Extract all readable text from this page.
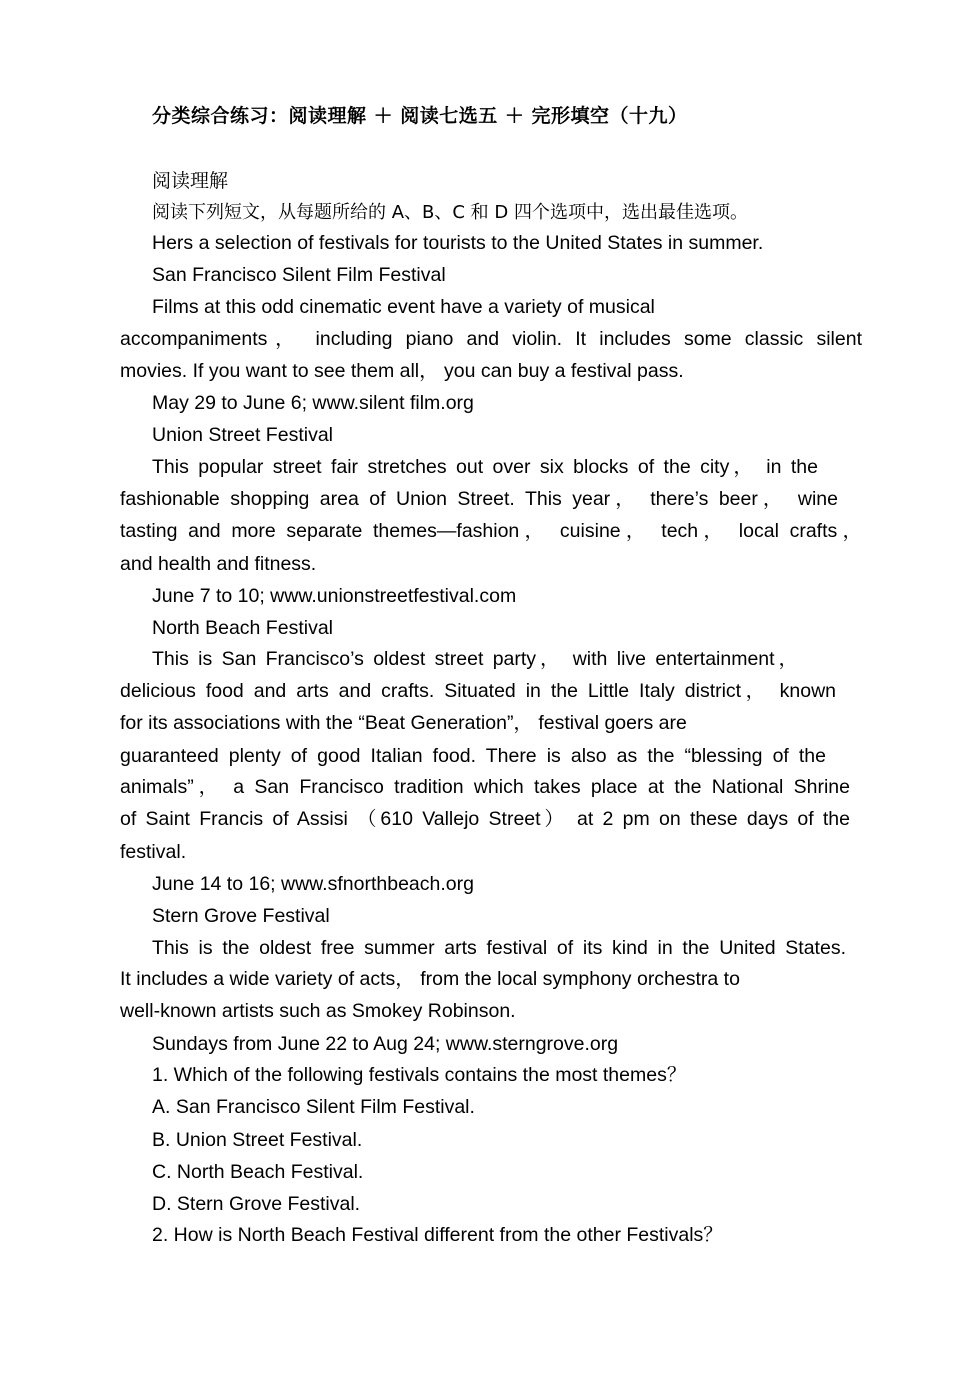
分类综合练习：阅读理解 ＋ 阅读七选五 ＋ 完形填空（十九）
阅读理解
阅读下列短文，从每题所给的 A、B、C 和 D 四个选项中，选出最佳选项。
Hers a selection of festivals for tourists to the United States in summer.
San Francisco Silent Film Festival
Films at this odd cinematic event have a variety of musical
accompaniments， including piano and violin. It includes some classic silent
movies. If you want to see them all， you can buy a festival pass.
May 29 to June 6; www.silent film.org
Union Street Festival
This popular street fair stretches out over six blocks of the city， in the
fashionable shopping area of Union Street. This year， there’s beer， wine
tasting and more separate themes—fashion， cuisine， tech， local crafts，
and health and fitness.
June 7 to 10; www.unionstreetfestival.com
North Beach Festival
This is San Francisco’s oldest street party， with live entertainment，
delicious food and arts and crafts. Situated in the Little Italy district， known
for its associations with the “Beat Generation”， festival goers are
guaranteed plenty of good Italian food. There is also as the “blessing of the
animals”， a San Francisco tradition which takes place at the National Shrine
of Saint Francis of Assisi （610 Vallejo Street） at 2 pm on these days of the
festival.
June 14 to 16; www.sfnorthbeach.org
Stern Grove Festival
This is the oldest free summer arts festival of its kind in the United States.
It includes a wide variety of acts， from the local symphony orchestra to
well-known artists such as Smokey Robinson.
Sundays from June 22 to Aug 24; www.sterngrove.org
1. Which of the following festivals contains the most themes？
A. San Francisco Silent Film Festival.
B. Union Street Festival.
C. North Beach Festival.
D. Stern Grove Festival.
2. How is North Beach Festival different from the other Festivals？
